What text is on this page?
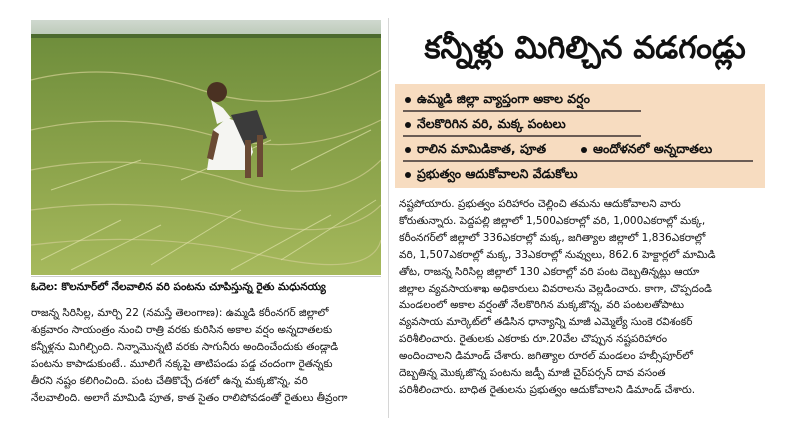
ఓదెల: కొలనూర్‌లో నేలవాలిన వరి పంటను చూపిస్తున్న రైతు మధునయ్య
కన్నీళ్లు మిగిల్చిన వడగండ్లు
ఉమ్మడి జిల్లా వ్యాప్తంగా అకాల వర్షం
నేలకొరిగిన వరి, మక్క పంటలు
రాలిన మామిడికాత, పూత	ఆందోళనలో అన్నదాతలు
ప్రభుత్వం ఆదుకోవాలని వేడుకోలు

నష్టపోయారు. ప్రభుత్వం పరిహారం చెల్లించి తమను ఆదుకోవాలని వారు

కోరుతున్నారు. పెద్దపల్లి జిల్లాలో 1,500ఎకరాల్లో వరి, 1,000ఎకరాల్లో మక్క,

కరీంనగర్‌లో జిల్లాలో 336ఎకరాల్లో మక్క, జగిత్యాల జిల్లాలో 1,836ఎకరాల్లో

వరి, 1,507ఎకరాల్లో మక్క, 33ఎకరాల్లో నువ్వులు, 862.6 హెక్టార్లలో మామిడి

తోట, రాజన్న సిరిసిల్ల జిల్లాలో 130 ఎకరాల్లో వరి పంట దెబ్బతిన్నట్లు ఆయా

జిల్లాల వ్యవసాయశాఖ అధికారులు వివరాలను వెల్లడించారు. కాగా, చొప్పదండి

మండలంలో అకాల వర్షంతో నేలకొరిగిన మక్కజొన్న, వరి పంటలతోపాటు

వ్యవసాయ మార్కెట్‌లో తడిసిన ధాన్యాన్ని మాజీ ఎమ్మెల్యే సుంకె రవిశంకర్

పరిశీలించారు. రైతులకు ఎకరాకు రూ.20వేల చొప్పున నష్టపరిహారం

అందించాలని డిమాండ్ చేశారు. జగిత్యాల రూరల్ మండలం హబ్సీపూర్‌లో

దెబ్బతిన్న మొక్కజొన్న పంటను జడ్పీ మాజీ చైర్‌పర్సన్ దావ వసంత

పరిశీలించారు. బాధిత రైతులను ప్రభుత్వం ఆదుకోవాలని డిమాండ్ చేశారు.

రాజన్న సిరిసిల్ల, మార్చి 22 (నమస్తే తెలంగాణ): ఉమ్మడి కరీంనగర్ జిల్లాలో

శుక్రవారం సాయంత్రం నుంచి రాత్రి వరకు కురిసిన అకాల వర్షం అన్నదాతలకు

కన్నీళ్లను మిగిల్చింది. నిన్నామొన్నటి వరకు సాగునీరు అందించేందుకు తండ్లాడి

పంటను కాపాడుకుంటే.. మూలిగే నక్కపై తాటిపండు పడ్డ చందంగా రైతన్నకు

తీరని నష్టం కలిగించింది. పంట చేతికొచ్చే దశలో ఉన్న మక్కజొన్న, వరి

నేలవాలింది. అలాగే మామిడి పూత, కాత సైతం రాలిపోవడంతో రైతులు తీవ్రంగా
